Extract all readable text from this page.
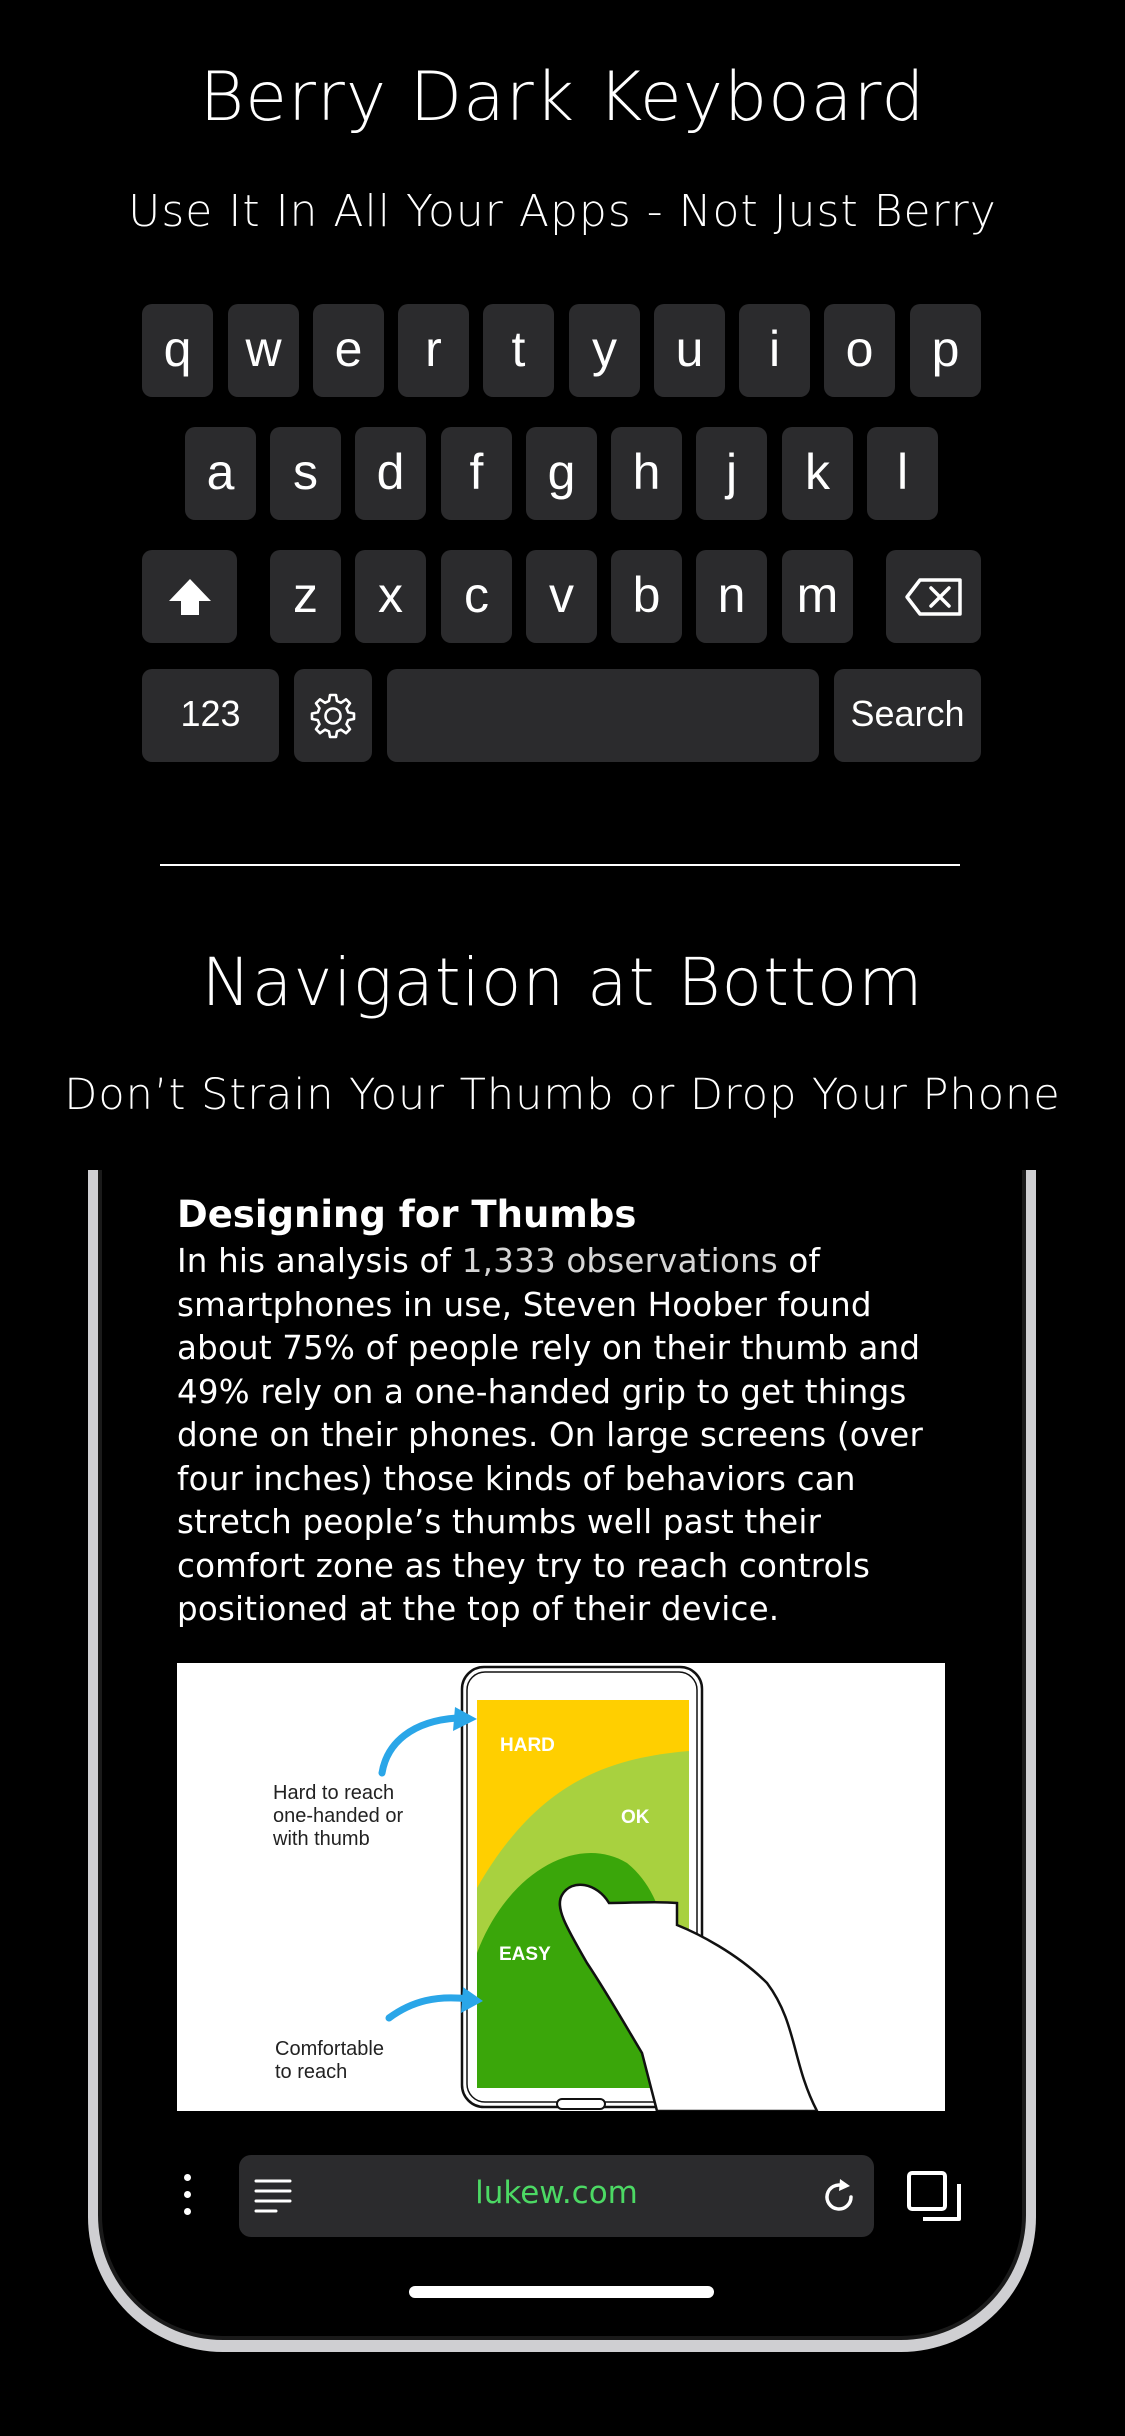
Berry Dark Keyboard
Use It In All Your Apps - Not Just Berry
q w e r t y u i o p
a s d f g h j k l
z x c v b n m
123	Search
Navigation at Bottom
Don’t Strain Your Thumb or Drop Your Phone
Designing for Thumbs
In his analysis of 1,333 observations of smartphones in use, Steven Hoober found about 75% of people rely on their thumb and 49% rely on a one-handed grip to get things done on their phones. On large screens (over four inches) those kinds of behaviors can stretch people’s thumbs well past their comfort zone as they try to reach controls positioned at the top of their device.
HARD
OK
EASY
Hard to reach
one-handed or
with thumb
Comfortable
to reach
lukew.com
